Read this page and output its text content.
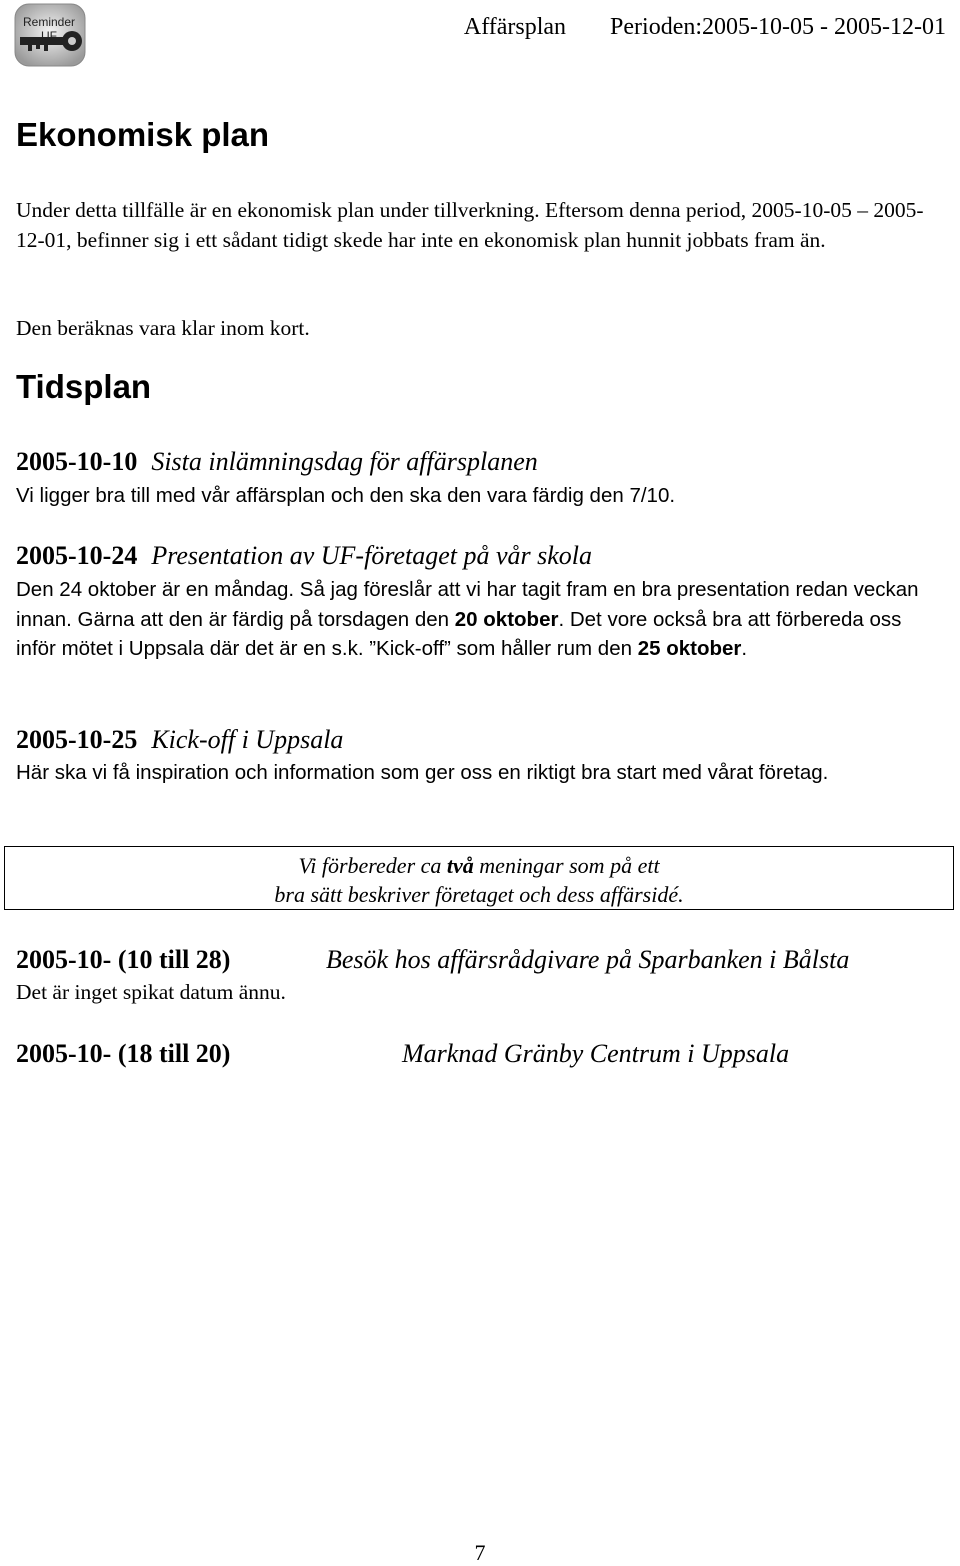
Reminder UF	Affärsplan Perioden:2005-10-05 - 2005-12-01
Ekonomisk plan

Under detta tillfälle är en ekonomisk plan under tillverkning. Eftersom denna period, 2005-10-05 – 2005-12-01, befinner sig i ett sådant tidigt skede har inte en ekonomisk plan hunnit jobbats fram än.

Den beräknas vara klar inom kort.

Tidsplan
2005-10-10 Sista inlämningsdag för affärsplanen

Vi ligger bra till med vår affärsplan och den ska den vara färdig den 7/10.

2005-10-24 Presentation av UF-företaget på vår skola

Den 24 oktober är en måndag. Så jag föreslår att vi har tagit fram en bra presentation redan veckan innan. Gärna att den är färdig på torsdagen den 20 oktober. Det vore också bra att förbereda oss inför mötet i Uppsala där det är en s.k. ”Kick-off” som håller rum den 25 oktober.

2005-10-25 Kick-off i Uppsala

Här ska vi få inspiration och information som ger oss en riktigt bra start med vårat företag.

Vi förbereder ca två meningar som på ett
bra sätt beskriver företaget och dess affärsidé.
2005-10- (10 till 28)	Besök hos affärsrådgivare på Sparbanken i Bålsta

Det är inget spikat datum ännu.

2005-10- (18 till 20)	Marknad Gränby Centrum i Uppsala
7
